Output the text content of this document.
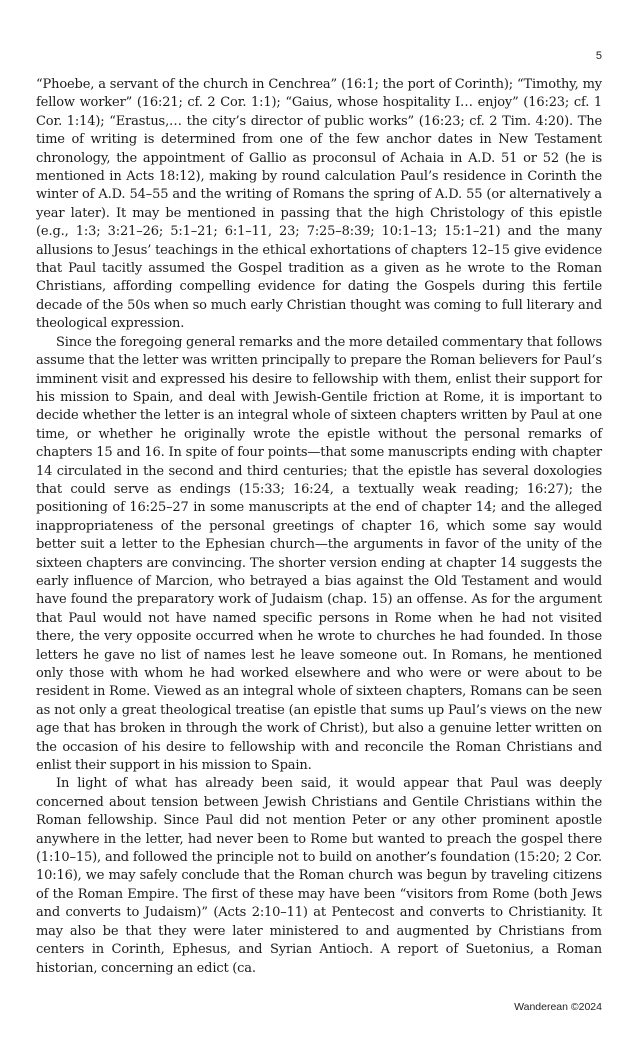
5

“Phoebe, a servant of the church in Cenchrea” (16:1; the port of Corinth); “Timothy, my fellow worker” (16:21; cf. 2 Cor. 1:1); “Gaius, whose hospitality I… enjoy” (16:23; cf. 1 Cor. 1:14); “Erastus,… the city’s director of public works” (16:23; cf. 2 Tim. 4:20). The time of writing is determined from one of the few anchor dates in New Testament chronology, the appointment of Gallio as proconsul of Achaia in A.D. 51 or 52 (he is mentioned in Acts 18:12), making by round calculation Paul’s residence in Corinth the winter of A.D. 54–55 and the writing of Romans the spring of A.D. 55 (or alternatively a year later). It may be mentioned in passing that the high Christology of this epistle (e.g., 1:3; 3:21–26; 5:1–21; 6:1–11, 23; 7:25–8:39; 10:1–13; 15:1–21) and the many allusions to Jesus’ teachings in the ethical exhortations of chapters 12–15 give evidence that Paul tacitly assumed the Gospel tradition as a given as he wrote to the Roman Christians, affording compelling evidence for dating the Gospels during this fertile decade of the 50s when so much early Christian thought was coming to full literary and theological expression.

Since the foregoing general remarks and the more detailed commentary that follows assume that the letter was written principally to prepare the Roman believers for Paul’s imminent visit and expressed his desire to fellowship with them, enlist their support for his mission to Spain, and deal with Jewish-Gentile friction at Rome, it is important to decide whether the letter is an integral whole of sixteen chapters written by Paul at one time, or whether he originally wrote the epistle without the personal remarks of chapters 15 and 16. In spite of four points—that some manuscripts ending with chapter 14 circulated in the second and third centuries; that the epistle has several doxologies that could serve as endings (15:33; 16:24, a textually weak reading; 16:27); the positioning of 16:25–27 in some manuscripts at the end of chapter 14; and the alleged inappropriateness of the personal greetings of chapter 16, which some say would better suit a letter to the Ephesian church—the arguments in favor of the unity of the sixteen chapters are convincing. The shorter version ending at chapter 14 suggests the early influence of Marcion, who betrayed a bias against the Old Testament and would have found the preparatory work of Judaism (chap. 15) an offense. As for the argument that Paul would not have named specific persons in Rome when he had not visited there, the very opposite occurred when he wrote to churches he had founded. In those letters he gave no list of names lest he leave someone out. In Romans, he mentioned only those with whom he had worked elsewhere and who were or were about to be resident in Rome. Viewed as an integral whole of sixteen chapters, Romans can be seen as not only a great theological treatise (an epistle that sums up Paul’s views on the new age that has broken in through the work of Christ), but also a genuine letter written on the occasion of his desire to fellowship with and reconcile the Roman Christians and enlist their support in his mission to Spain.

In light of what has already been said, it would appear that Paul was deeply concerned about tension between Jewish Christians and Gentile Christians within the Roman fellowship. Since Paul did not mention Peter or any other prominent apostle anywhere in the letter, had never been to Rome but wanted to preach the gospel there (1:10–15), and followed the principle not to build on another’s foundation (15:20; 2 Cor. 10:16), we may safely conclude that the Roman church was begun by traveling citizens of the Roman Empire. The first of these may have been “visitors from Rome (both Jews and converts to Judaism)” (Acts 2:10–11) at Pentecost and converts to Christianity. It may also be that they were later ministered to and augmented by Christians from centers in Corinth, Ephesus, and Syrian Antioch. A report of Suetonius, a Roman historian, concerning an edict (ca.

Wanderean ©2024
